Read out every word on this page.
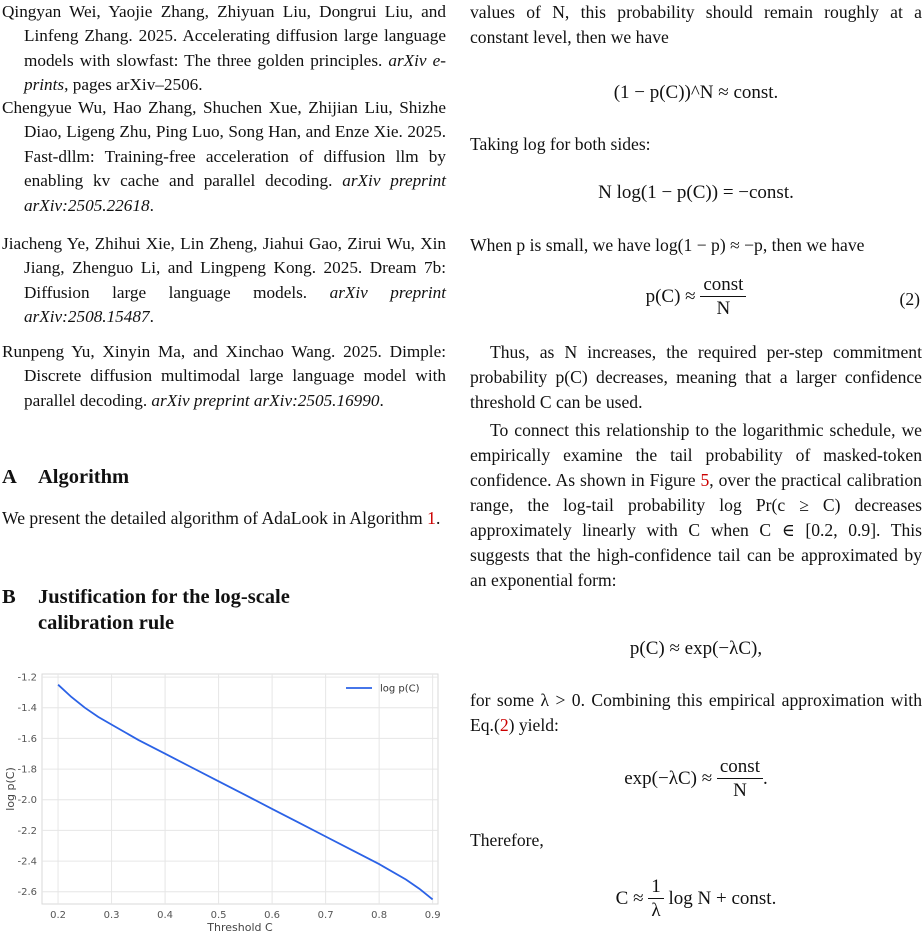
Qingyan Wei, Yaojie Zhang, Zhiyuan Liu, Dongrui Liu, and Linfeng Zhang. 2025. Accelerating diffusion large language models with slowfast: The three golden principles. arXiv e-prints, pages arXiv–2506.
Chengyue Wu, Hao Zhang, Shuchen Xue, Zhijian Liu, Shizhe Diao, Ligeng Zhu, Ping Luo, Song Han, and Enze Xie. 2025. Fast-dllm: Training-free acceleration of diffusion llm by enabling kv cache and parallel decoding. arXiv preprint arXiv:2505.22618.
Jiacheng Ye, Zhihui Xie, Lin Zheng, Jiahui Gao, Zirui Wu, Xin Jiang, Zhenguo Li, and Lingpeng Kong. 2025. Dream 7b: Diffusion large language models. arXiv preprint arXiv:2508.15487.
Runpeng Yu, Xinyin Ma, and Xinchao Wang. 2025. Dimple: Discrete diffusion multimodal large language model with parallel decoding. arXiv preprint arXiv:2505.16990.
A Algorithm
We present the detailed algorithm of AdaLook in Algorithm 1.
B Justification for the log-scale calibration rule
0.2	0.3	0.4	0.5	0.6	0.7	0.8	0.9
-2.6
-2.4
-2.2
-2.0
-1.8
-1.6
-1.4
-1.2
Threshold C
log p(C)
log p(C)
values of N, this probability should remain roughly at a constant level, then we have
(1 − p(C))^N ≈ const.
Taking log for both sides:
N log(1 − p(C)) = −const.
When p is small, we have log(1 − p) ≈ −p, then we have
$p(C) \approx \frac{\text{const}}{N}$	(2)
Thus, as N increases, the required per-step commitment probability p(C) decreases, meaning that a larger confidence threshold C can be used.
To connect this relationship to the logarithmic schedule, we empirically examine the tail probability of masked-token confidence. As shown in Figure 5, over the practical calibration range, the log-tail probability log Pr(c ≥ C) decreases approximately linearly with C when C ∈ [0.2, 0.9]. This suggests that the high-confidence tail can be approximated by an exponential form:
p(C) ≈ exp(−λC),
for some λ > 0. Combining this empirical approximation with Eq.(2) yield:
$\exp(-\lambda C) \approx \frac{\text{const}}{N}$ .
Therefore,
$C \approx \frac{1}{\lambda}$ log N + const.
